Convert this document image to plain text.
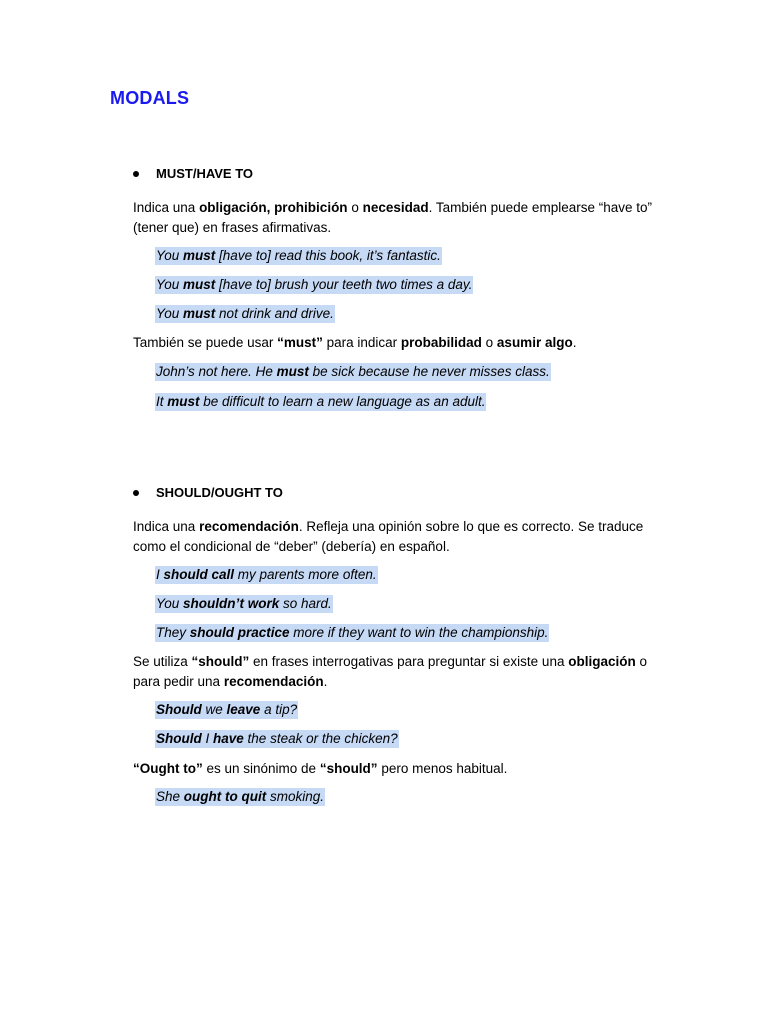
MODALS
MUST/HAVE TO
Indica una obligación, prohibición o necesidad. También puede emplearse “have to” (tener que) en frases afirmativas.
You must [have to] read this book, it’s fantastic.
You must [have to] brush your teeth two times a day.
You must not drink and drive.
También se puede usar “must” para indicar probabilidad o asumir algo.
John’s not here. He must be sick because he never misses class.
It must be difficult to learn a new language as an adult.
SHOULD/OUGHT TO
Indica una recomendación. Refleja una opinión sobre lo que es correcto. Se traduce como el condicional de “deber” (debería) en español.
I should call my parents more often.
You shouldn’t work so hard.
They should practice more if they want to win the championship.
Se utiliza “should” en frases interrogativas para preguntar si existe una obligación o para pedir una recomendación.
Should we leave a tip?
Should I have the steak or the chicken?
“Ought to” es un sinónimo de “should” pero menos habitual.
She ought to quit smoking.
